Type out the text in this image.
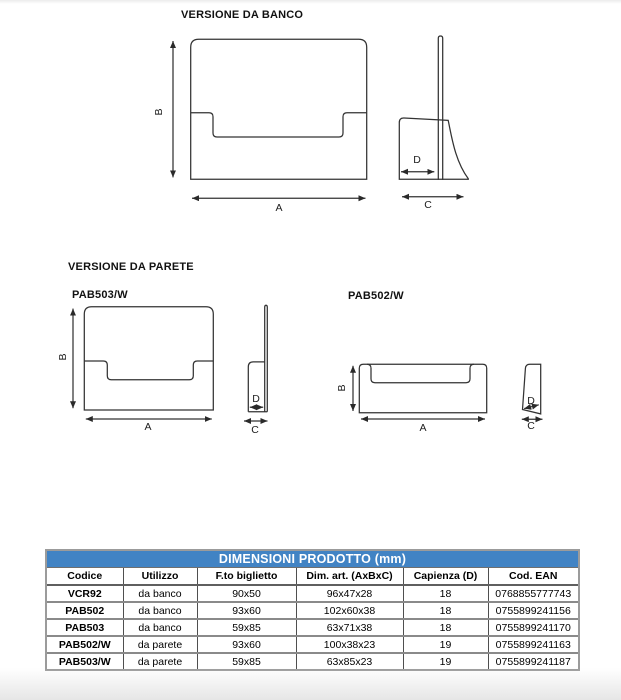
VERSIONE DA BANCO
B
A
D
C
VERSIONE DA PARETE
PAB503/W
B
A
D
C
PAB502/W
B
A
D
C
DIMENSIONI PRODOTTO (mm)
Codice	Utilizzo	F.to biglietto	Dim. art. (AxBxC)	Capienza (D)	Cod. EAN
VCR92	da banco	90x50	96x47x28	18	0768855777743
PAB502	da banco	93x60	102x60x38	18	0755899241156
PAB503	da banco	59x85	63x71x38	18	0755899241170
PAB502/W	da parete	93x60	100x38x23	19	0755899241163
PAB503/W	da parete	59x85	63x85x23	19	0755899241187
